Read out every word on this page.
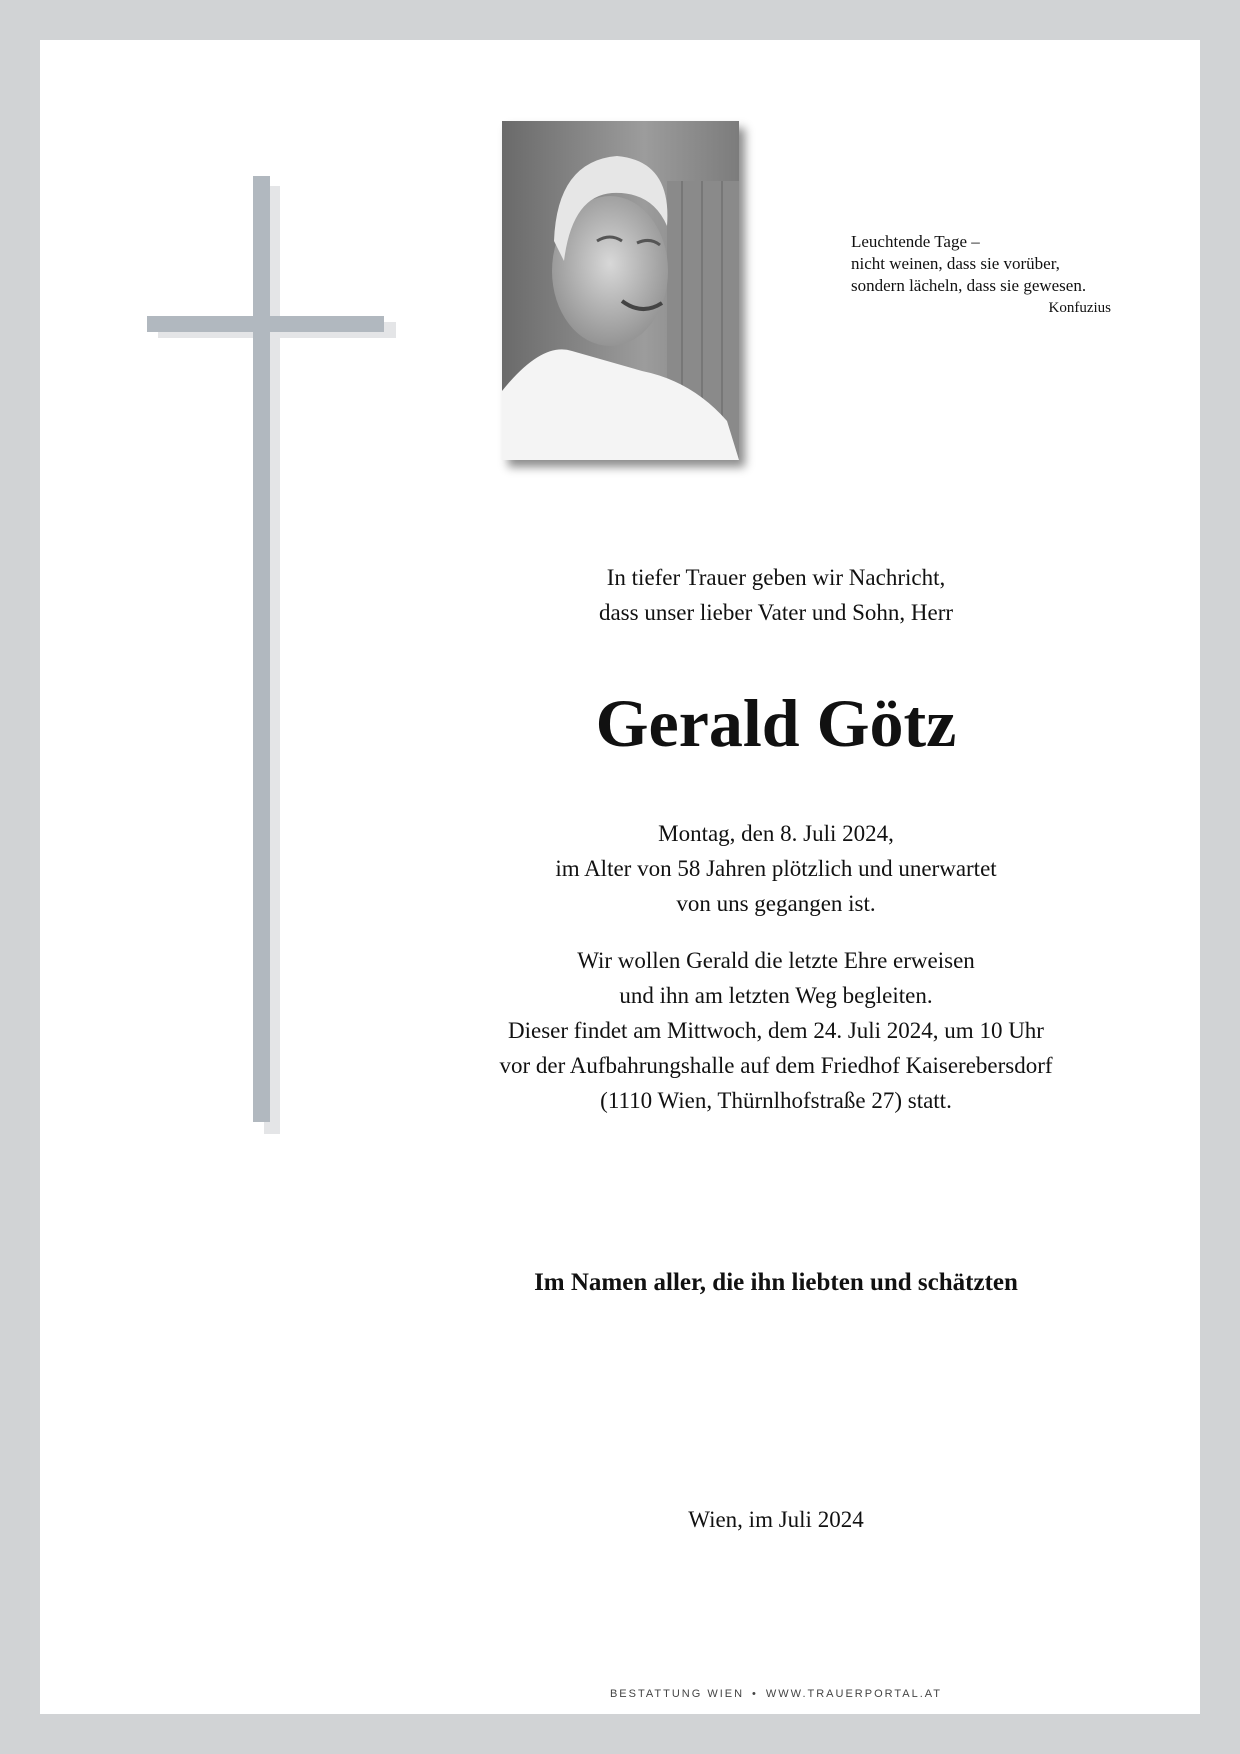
Leuchtende Tage –
nicht weinen, dass sie vorüber,
sondern lächeln, dass sie gewesen.
Konfuzius
In tiefer Trauer geben wir Nachricht,
dass unser lieber Vater und Sohn, Herr
Gerald Götz
Montag, den 8. Juli 2024,
im Alter von 58 Jahren plötzlich und unerwartet
von uns gegangen ist.
Wir wollen Gerald die letzte Ehre erweisen
und ihn am letzten Weg begleiten.
Dieser findet am Mittwoch, dem 24. Juli 2024, um 10 Uhr
vor der Aufbahrungshalle auf dem Friedhof Kaiserebersdorf
(1110 Wien, Thürnlhofstraße 27) statt.
Im Namen aller, die ihn liebten und schätzten
Wien, im Juli 2024
BESTATTUNG WIEN • WWW.TRAUERPORTAL.AT
